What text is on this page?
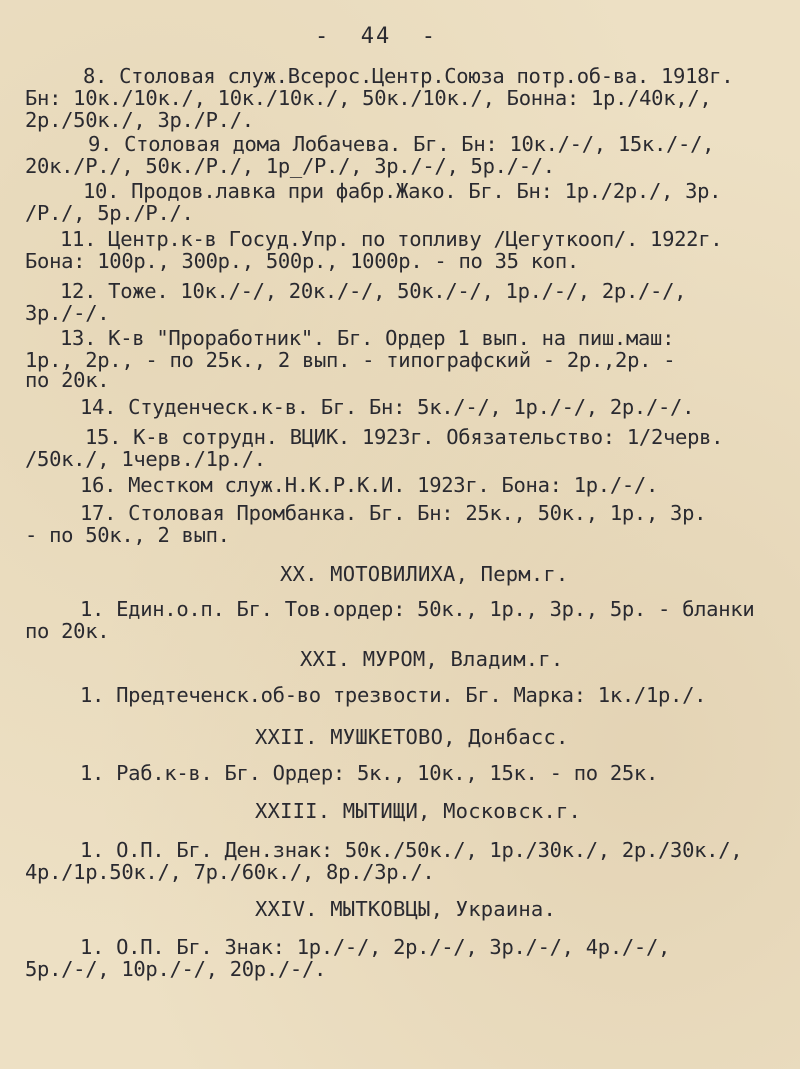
-  44  -
8. Столовая служ.Всерос.Центр.Союза потр.об-ва. 1918г.
Бн: 10к./10к./, 10к./10к./, 50к./10к./, Бонна: 1р./40к,/,
2р./50к./, 3р./Р./.
9. Столовая дома Лобачева. Бг. Бн: 10к./-/, 15к./-/,
20к./Р./, 50к./Р./, 1р_/Р./, 3р./-/, 5р./-/.
10. Продов.лавка при фабр.Жако. Бг. Бн: 1р./2р./, 3р.
/Р./, 5р./Р./.
11. Центр.к-в Госуд.Упр. по топливу /Цегуткооп/. 1922г.
Бона: 100р., 300р., 500р., 1000р. - по 35 коп.
12. Тоже. 10к./-/, 20к./-/, 50к./-/, 1р./-/, 2р./-/,
3р./-/.
13. К-в "Проработник". Бг. Ордер 1 вып. на пиш.маш:
1р., 2р., - по 25к., 2 вып. - типографский - 2р.,2р. -
по 20к.
14. Студенческ.к-в. Бг. Бн: 5к./-/, 1р./-/, 2р./-/.
15. К-в сотрудн. ВЦИК. 1923г. Обязательство: 1/2черв.
/50к./, 1черв./1р./.
16. Местком служ.Н.К.Р.К.И. 1923г. Бона: 1р./-/.
17. Столовая Промбанка. Бг. Бн: 25к., 50к., 1р., 3р.
- по 50к., 2 вып.
ХХ. МОТОВИЛИХА, Перм.г.
1. Един.о.п. Бг. Тов.ордер: 50к., 1р., 3р., 5р. - бланки
по 20к.
ХХI. МУРОМ, Владим.г.
1. Предтеченск.об-во трезвости. Бг. Марка: 1к./1р./.
ХХII. МУШКЕТОВО, Донбасс.
1. Раб.к-в. Бг. Ордер: 5к., 10к., 15к. - по 25к.
ХХIII. МЫТИЩИ, Московск.г.
1. О.П. Бг. Ден.знак: 50к./50к./, 1р./30к./, 2р./30к./,
4р./1р.50к./, 7р./60к./, 8р./3р./.
ХХIV. МЫТКОВЦЫ, Украина.
1. О.П. Бг. Знак: 1р./-/, 2р./-/, 3р./-/, 4р./-/,
5р./-/, 10р./-/, 20р./-/.
